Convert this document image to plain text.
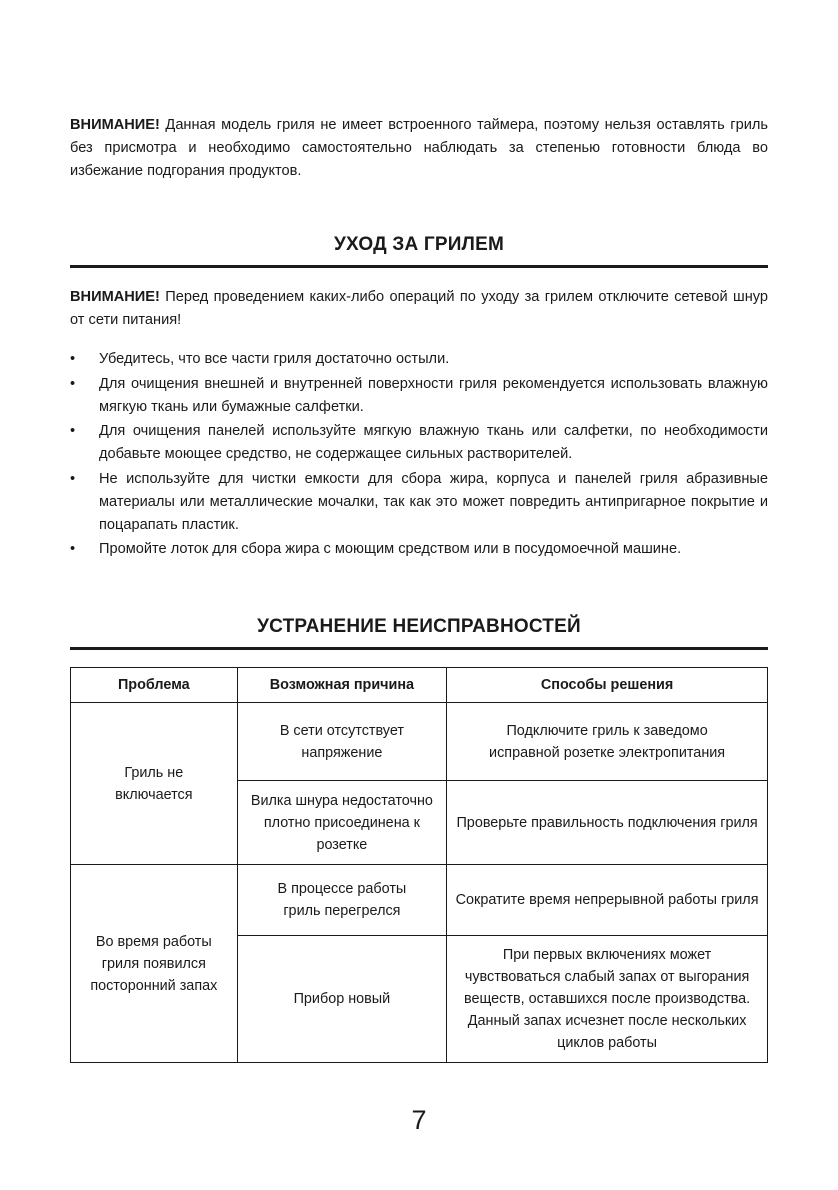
ВНИМАНИЕ! Данная модель гриля не имеет встроенного таймера, поэтому нельзя оставлять гриль без присмотра и необходимо самостоятельно наблюдать за степенью готовности блюда во избежание подгорания продуктов.

УХОД ЗА ГРИЛЕМ

ВНИМАНИЕ! Перед проведением каких-либо операций по уходу за грилем отключите сетевой шнур от сети питания!

• Убедитесь, что все части гриля достаточно остыли.
• Для очищения внешней и внутренней поверхности гриля рекомендуется использовать влажную мягкую ткань или бумажные салфетки.
• Для очищения панелей используйте мягкую влажную ткань или салфетки, по необходимости добавьте моющее средство, не содержащее сильных растворителей.
• Не используйте для чистки емкости для сбора жира, корпуса и панелей гриля абразивные материалы или металлические мочалки, так как это может повредить антипригарное покрытие и поцарапать пластик.
• Промойте лоток для сбора жира с моющим средством или в посудомоечной машине.
УСТРАНЕНИЕ НЕИСПРАВНОСТЕЙ
Проблема	Возможная причина	Способы решения
Гриль не включается	В сети отсутствует напряжение	Подключите гриль к заведомо исправной розетке электропитания
	Вилка шнура недостаточно плотно присоединена к розетке	Проверьте правильность подключения гриля
Во время работы гриля появился посторонний запах	В процессе работы гриль перегрелся	Сократите время непрерывной работы гриля
	Прибор новый	При первых включениях может чувствоваться слабый запах от выгорания веществ, оставшихся после производства. Данный запах исчезнет после нескольких циклов работы
7
